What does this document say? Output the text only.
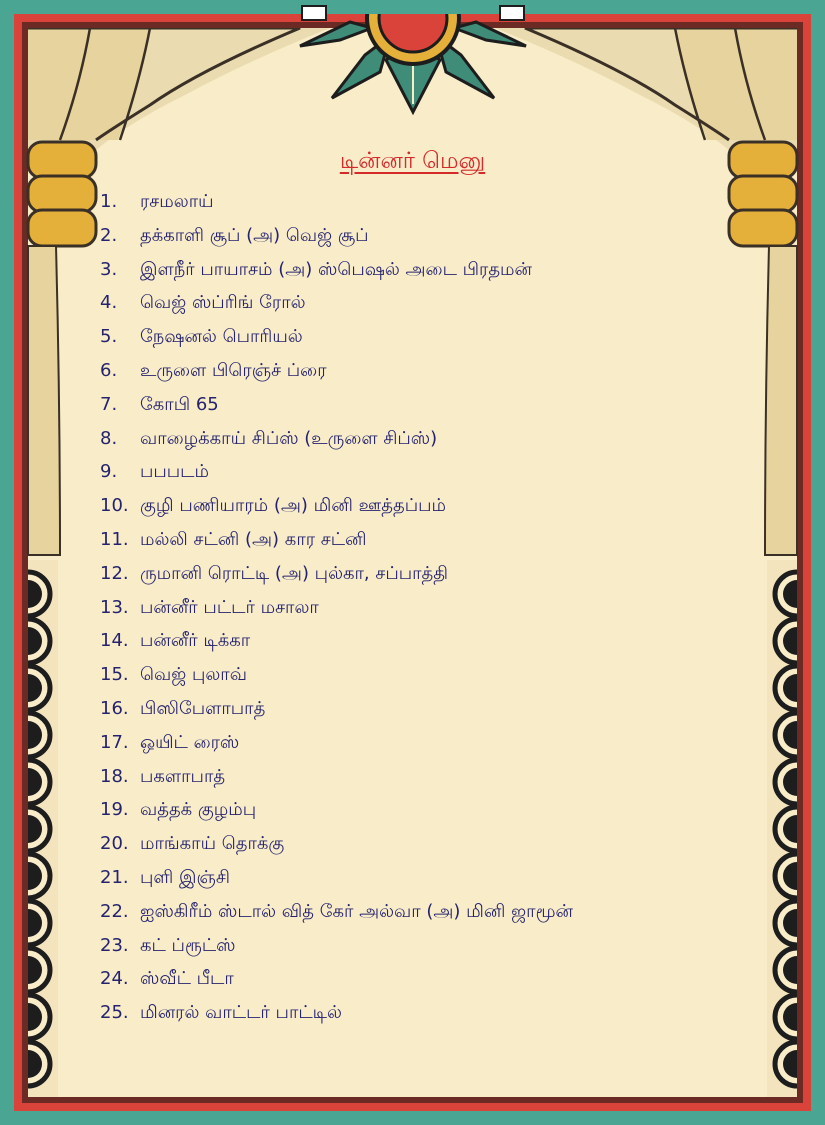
டின்னர் மெனு
1. ரசமலாய்
2. தக்காளி சூப் (அ) வெஜ் சூப்
3. இளநீர் பாயாசம் (அ) ஸ்பெஷல் அடை பிரதமன்
4. வெஜ் ஸ்ப்ரிங் ரோல்
5. நேஷனல் பொரியல்
6. உருளை பிரெஞ்ச் ப்ரை
7. கோபி 65
8. வாழைக்காய் சிப்ஸ் (உருளை சிப்ஸ்)
9. பபபடம்
10. குழி பணியாரம் (அ) மினி ஊத்தப்பம்
11. மல்லி சட்னி (அ) கார சட்னி
12. ருமானி ரொட்டி (அ) புல்கா, சப்பாத்தி
13. பன்னீர் பட்டர் மசாலா
14. பன்னீர் டிக்கா
15. வெஜ் புலாவ்
16. பிஸிபேளாபாத்
17. ஒயிட் ரைஸ்
18. பகளாபாத்
19. வத்தக் குழம்பு
20. மாங்காய் தொக்கு
21. புளி இஞ்சி
22. ஐஸ்கிரீம் ஸ்டால் வித் கேர் அல்வா (அ) மினி ஜாமூன்
23. கட் ப்ரூட்ஸ்
24. ஸ்வீட் பீடா
25. மினரல் வாட்டர் பாட்டில்
